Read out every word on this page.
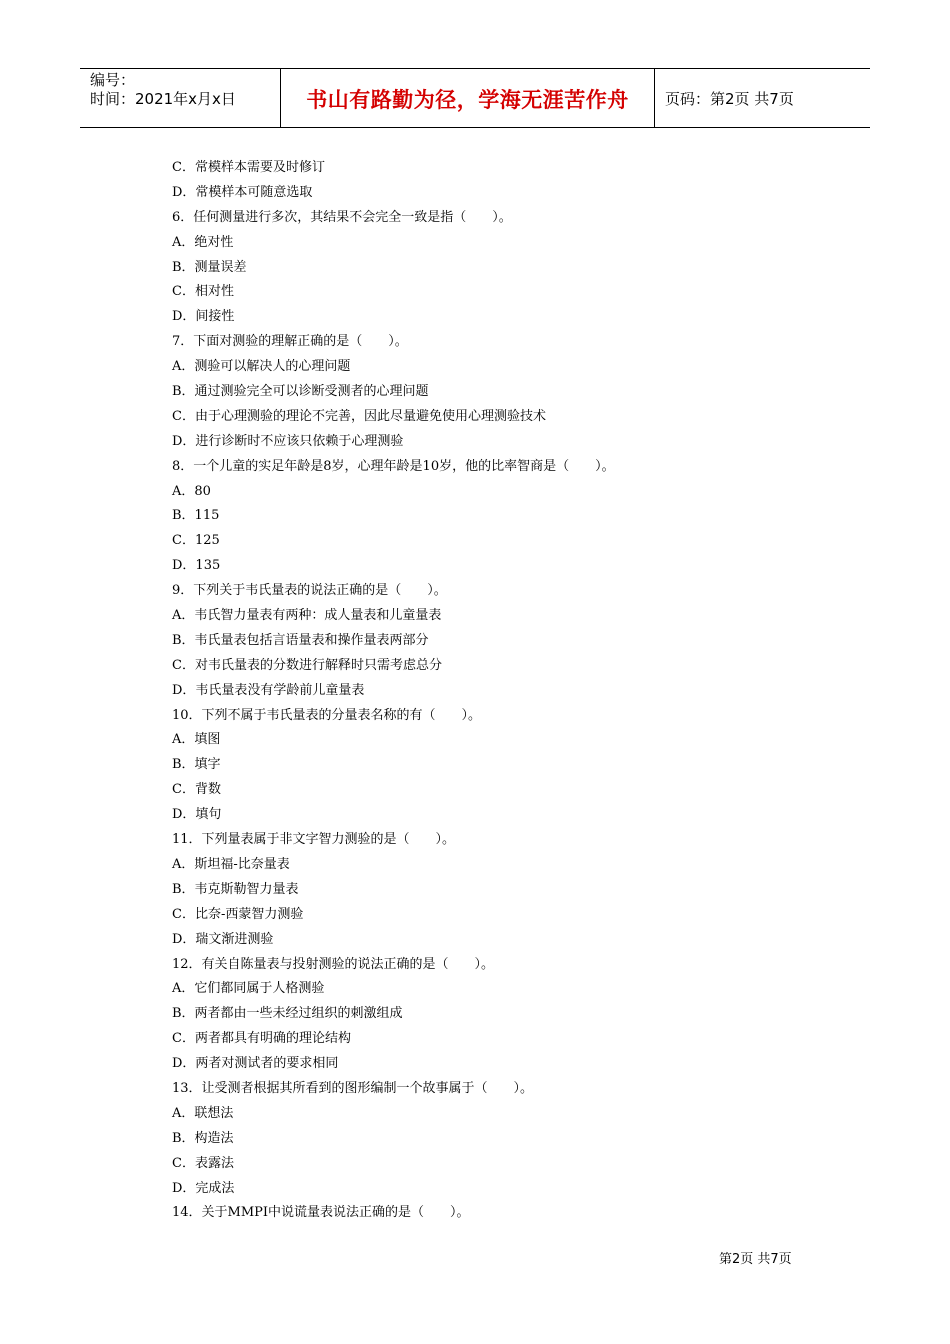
编号：
时间：2021年x月x日	书山有路勤为径，学海无涯苦作舟 页码：第2页 共7页
C．常模样本需要及时修订
D．常模样本可随意选取
6．任何测量进行多次，其结果不会完全一致是指（　　）。
A．绝对性
B．测量误差
C．相对性
D．间接性
7．下面对测验的理解正确的是（　　）。
A．测验可以解决人的心理问题
B．通过测验完全可以诊断受测者的心理问题
C．由于心理测验的理论不完善，因此尽量避免使用心理测验技术
D．进行诊断时不应该只依赖于心理测验
8．一个儿童的实足年龄是8岁，心理年龄是10岁，他的比率智商是（　　）。
A．80
B．115
C．125
D．135
9．下列关于韦氏量表的说法正确的是（　　）。
A．韦氏智力量表有两种：成人量表和儿童量表
B．韦氏量表包括言语量表和操作量表两部分
C．对韦氏量表的分数进行解释时只需考虑总分
D．韦氏量表没有学龄前儿童量表
10．下列不属于韦氏量表的分量表名称的有（　　）。
A．填图
B．填字
C．背数
D．填句
11．下列量表属于非文字智力测验的是（　　）。
A．斯坦福-比奈量表
B．韦克斯勒智力量表
C．比奈-西蒙智力测验
D．瑞文渐进测验
12．有关自陈量表与投射测验的说法正确的是（　　）。
A．它们都同属于人格测验
B．两者都由一些未经过组织的刺激组成
C．两者都具有明确的理论结构
D．两者对测试者的要求相同
13．让受测者根据其所看到的图形编制一个故事属于（　　）。
A．联想法
B．构造法
C．表露法
D．完成法
14．关于MMPI中说谎量表说法正确的是（　　）。
第2页 共7页
